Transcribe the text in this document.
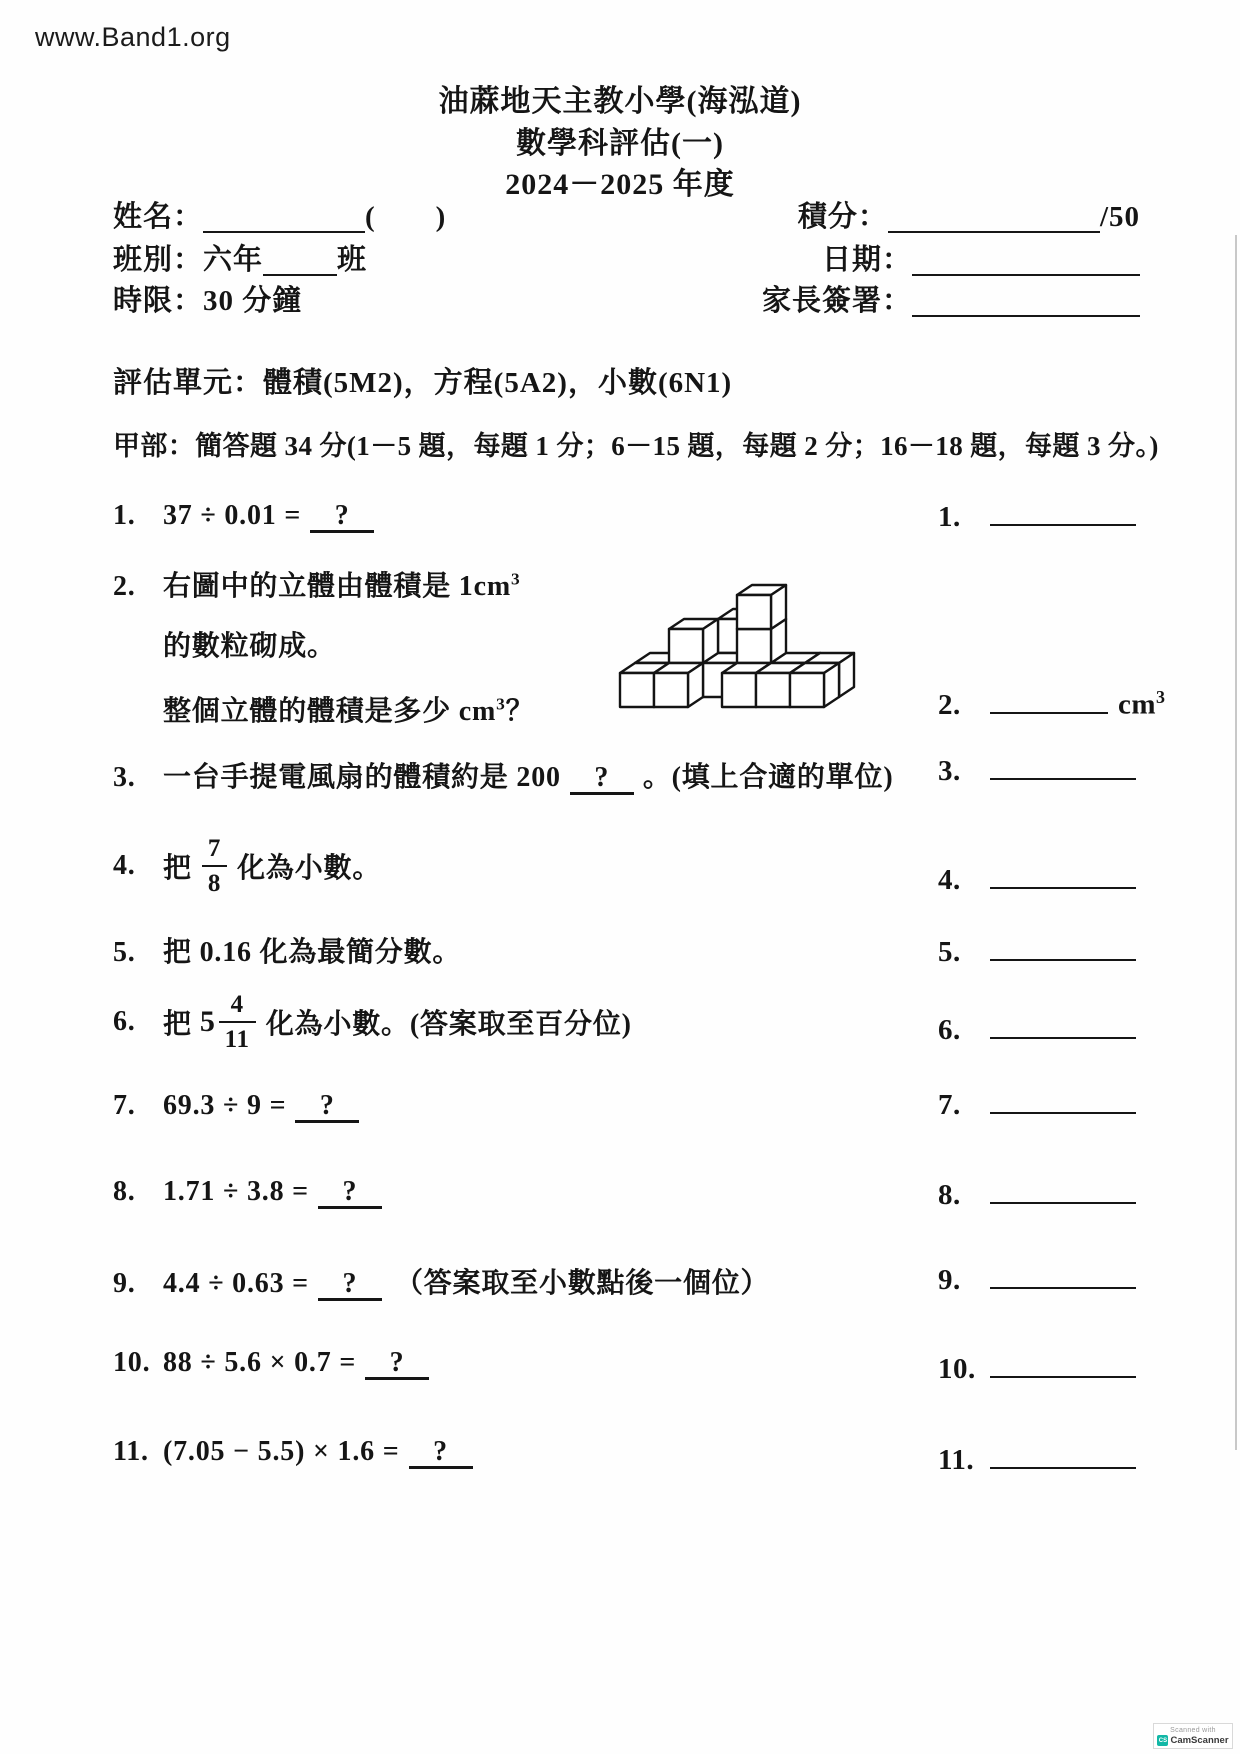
www.Band1.org
油蔴地天主教小學(海泓道)
數學科評估(一)
2024－2025 年度
姓名：	(　　)
班別：六年	班
時限：30 分鐘
積分：	/50
日期：
家長簽署：
評估單元：體積(5M2)，方程(5A2)，小數(6N1)
甲部：簡答題 34 分(1－5 題，每題 1 分；6－15 題，每題 2 分；16－18 題，每題 3 分。)
1. 37 ÷ 0.01 =	?
2. 右圖中的立體由體積是 $1cm^3$
的數粒砌成。
整個立體的體積是多少 $cm^3$？
3. 一台手提電風扇的體積約是 200	?	。(填上合適的單位)
4. 把 $\frac{7}{8}$ 化為小數。
5. 把 0.16 化為最簡分數。
6. 把 $5 \frac{4}{11}$ 化為小數。(答案取至百分位)
7. 69.3 ÷ 9 =	?
8. 1.71 ÷ 3.8 =	?
9. 4.4 ÷ 0.63 =	?	（答案取至小數點後一個位）
10. 88 ÷ 5.6 × 0.7 =	?
11. (7.05 − 5.5) × 1.6 =	?
1.
2.	$cm^3$
3.
4.
5.
6.
7.
8.
9.
10.
11.
Scanned with
CS CamScanner
